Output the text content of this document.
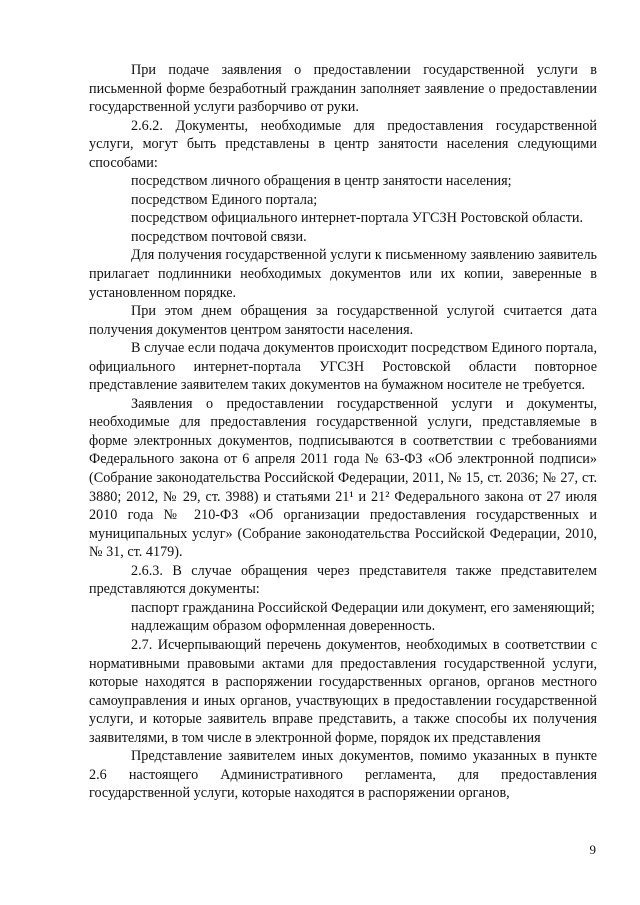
При подаче заявления о предоставлении государственной услуги в письменной форме безработный гражданин заполняет заявление о предоставлении государственной услуги разборчиво от руки.

2.6.2. Документы, необходимые для предоставления государственной услуги, могут быть представлены в центр занятости населения следующими способами:

посредством личного обращения в центр занятости населения;

посредством Единого портала;

посредством официального интернет-портала УГСЗН Ростовской области.

посредством почтовой связи.

Для получения государственной услуги к письменному заявлению заявитель прилагает подлинники необходимых документов или их копии, заверенные в установленном порядке.

При этом днем обращения за государственной услугой считается дата получения документов центром занятости населения.

В случае если подача документов происходит посредством Единого портала, официального интернет-портала УГСЗН Ростовской области повторное представление заявителем таких документов на бумажном носителе не требуется.

Заявления о предоставлении государственной услуги и документы, необходимые для предоставления государственной услуги, представляемые в форме электронных документов, подписываются в соответствии с требованиями Федерального закона от 6 апреля 2011 года № 63-ФЗ «Об электронной подписи» (Собрание законодательства Российской Федерации, 2011, № 15, ст. 2036; № 27, ст. 3880; 2012, № 29, ст. 3988) и статьями 21¹ и 21² Федерального закона от 27 июля 2010 года № 210-ФЗ «Об организации предоставления государственных и муниципальных услуг» (Собрание законодательства Российской Федерации, 2010, № 31, ст. 4179).

2.6.3. В случае обращения через представителя также представителем представляются документы:

паспорт гражданина Российской Федерации или документ, его заменяющий;

надлежащим образом оформленная доверенность.

2.7. Исчерпывающий перечень документов, необходимых в соответствии с нормативными правовыми актами для предоставления государственной услуги, которые находятся в распоряжении государственных органов, органов местного самоуправления и иных органов, участвующих в предоставлении государственной услуги, и которые заявитель вправе представить, а также способы их получения заявителями, в том числе в электронной форме, порядок их представления

Представление заявителем иных документов, помимо указанных в пункте 2.6 настоящего Административного регламента, для предоставления государственной услуги, которые находятся в распоряжении органов,

9
